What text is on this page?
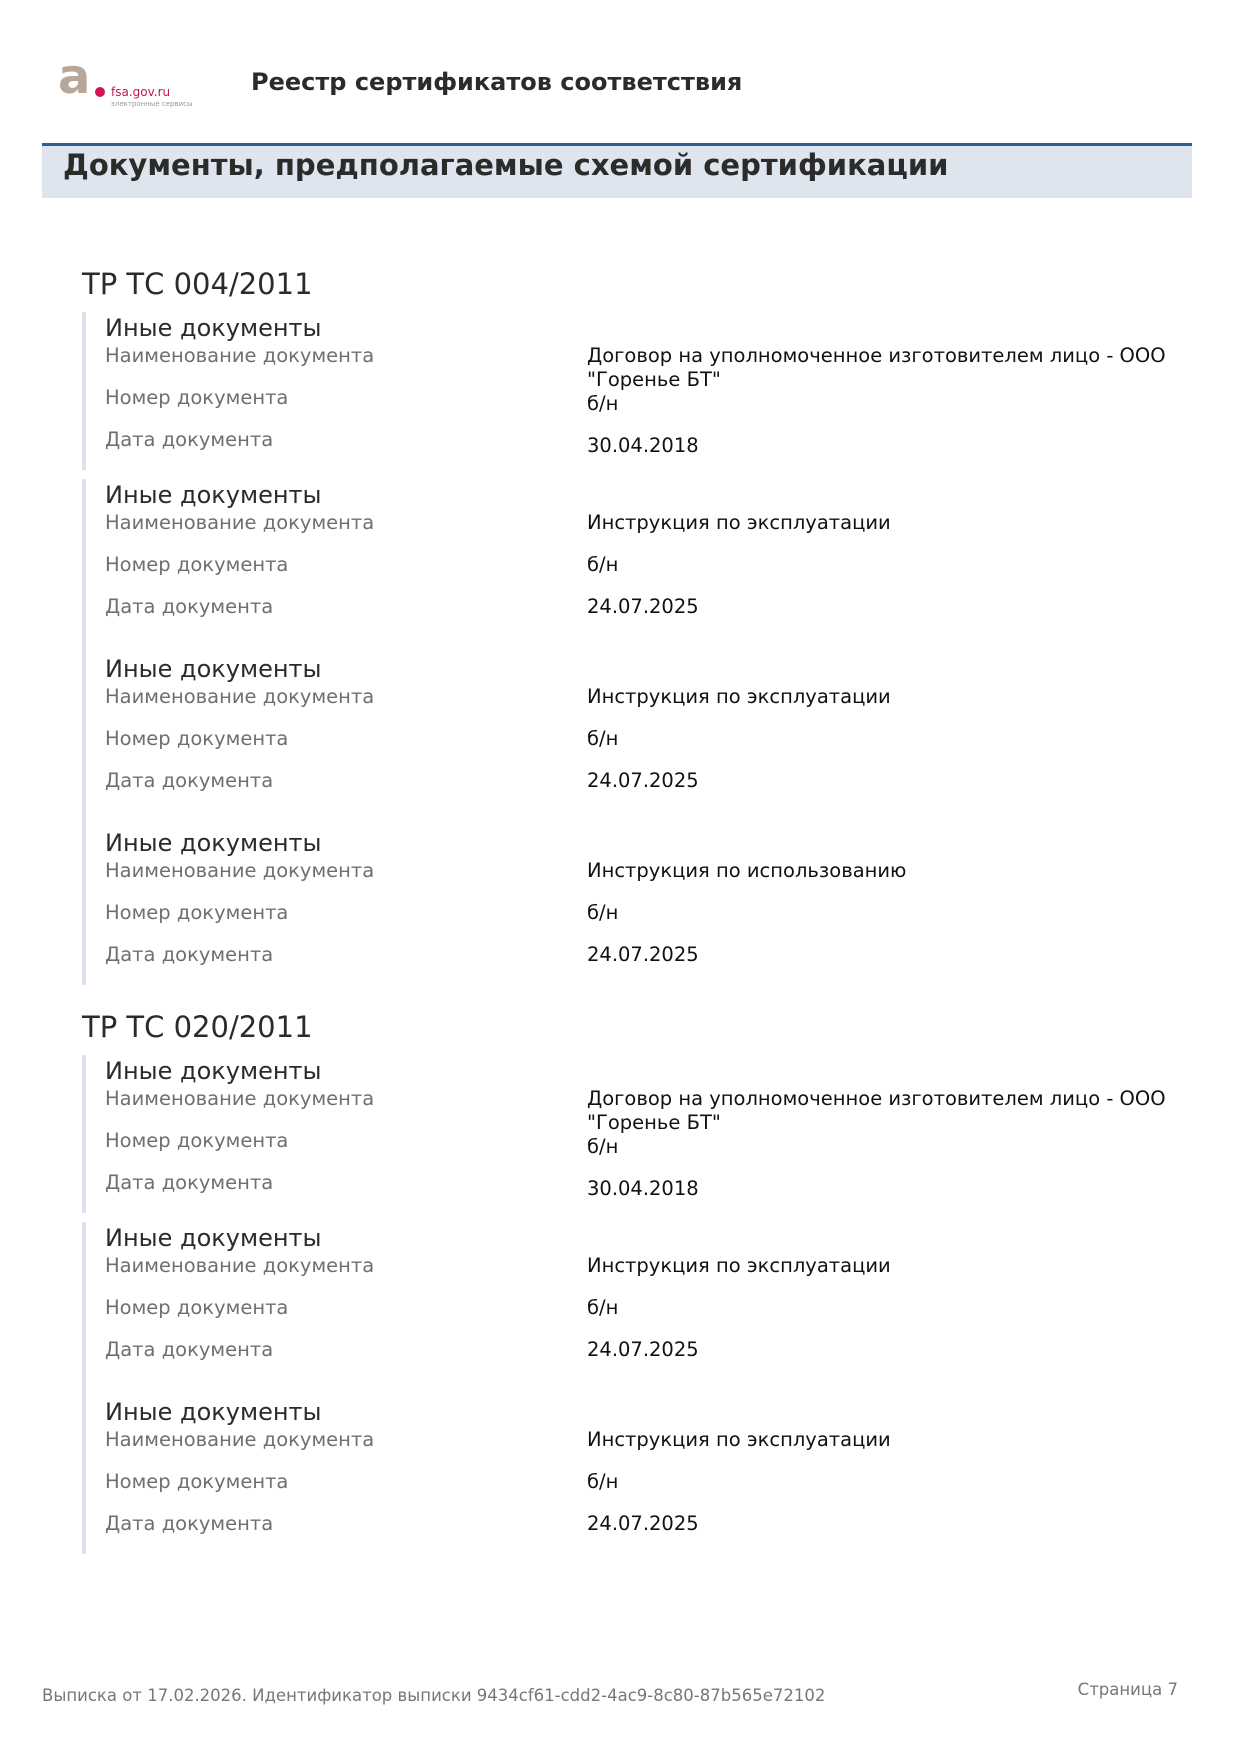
a fsa.gov.ru
электронные сервисы
Реестр сертификатов соответствия
Документы, предполагаемые схемой сертификации
ТР ТС 004/2011
Иные документы
Наименование документа	Договор на уполномоченное изготовителем лицо - ООО "Горенье БТ"
Номер документа	б/н
Дата документа	30.04.2018
Иные документы
Наименование документа	Инструкция по эксплуатации
Номер документа	б/н
Дата документа	24.07.2025
Иные документы
Наименование документа	Инструкция по эксплуатации
Номер документа	б/н
Дата документа	24.07.2025
Иные документы
Наименование документа	Инструкция по использованию
Номер документа	б/н
Дата документа	24.07.2025
ТР ТС 020/2011
Иные документы
Наименование документа	Договор на уполномоченное изготовителем лицо - ООО "Горенье БТ"
Номер документа	б/н
Дата документа	30.04.2018
Иные документы
Наименование документа	Инструкция по эксплуатации
Номер документа	б/н
Дата документа	24.07.2025
Иные документы
Наименование документа	Инструкция по эксплуатации
Номер документа	б/н
Дата документа	24.07.2025
Выписка от 17.02.2026. Идентификатор выписки 9434cf61-cdd2-4ac9-8c80-87b565e72102	Страница 7
